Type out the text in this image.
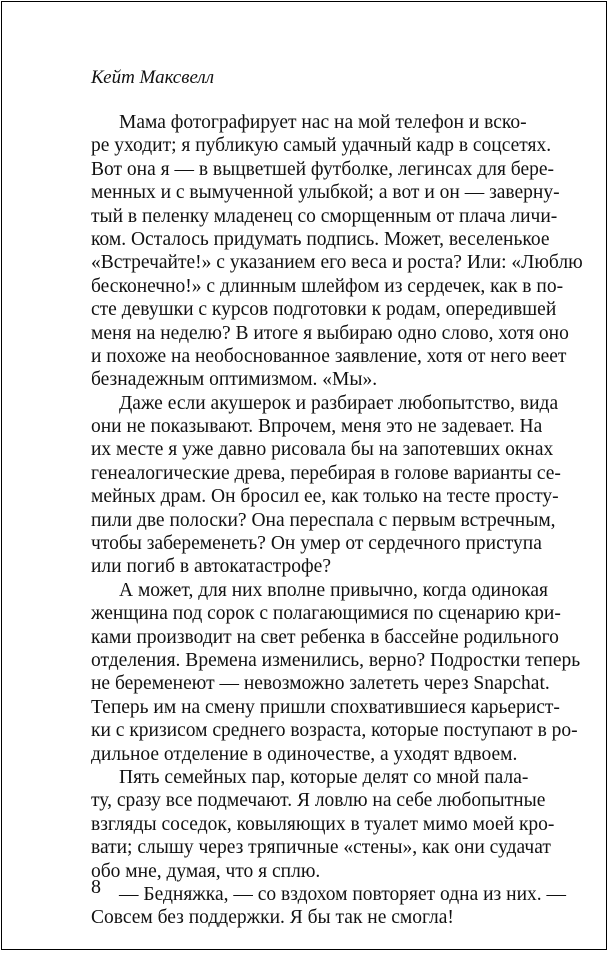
Кейт Максвелл
Мама фотографирует нас на мой телефон и вско-
ре уходит; я публикую самый удачный кадр в соцсетях.
Вот она я — в выцветшей футболке, легинсах для бере-
менных и с вымученной улыбкой; а вот и он — завернy-
тый в пеленку младенец со сморщенным от плача личи-
ком. Осталось придумать подпись. Может, веселенькое
«Встречайте!» с указанием его веса и роста? Или: «Люблю
бесконечно!» с длинным шлейфом из сердечек, как в по-
сте девушки с курсов подготовки к родам, опередившей
меня на неделю? В итоге я выбираю одно слово, хотя оно
и похоже на необоснованное заявление, хотя от него веет
безнадежным оптимизмом. «Мы».
Даже если акушерок и разбирает любопытство, вида
они не показывают. Впрочем, меня это не задевает. На
их месте я уже давно рисовала бы на запотевших окнах
генеалогические древа, перебирая в голове варианты се-
мейных драм. Он бросил ее, как только на тесте просту-
пили две полоски? Она переспала с первым встречным,
чтобы забеременеть? Он умер от сердечного приступа
или погиб в автокатастрофе?
А может, для них вполне привычно, когда одинокая
женщина под сорок с полагающимися по сценарию кри-
ками производит на свет ребенка в бассейне родильного
отделения. Времена изменились, верно? Подростки теперь
не беременеют — невозможно залететь через Snapchat.
Теперь им на смену пришли спохватившиеся карьерист-
ки с кризисом среднего возраста, которые поступают в ро-
дильное отделение в одиночестве, а уходят вдвоем.
Пять семейных пар, которые делят со мной пала-
ту, сразу все подмечают. Я ловлю на себе любопытные
взгляды соседок, ковыляющих в туалет мимо моей кро-
вати; слышу через тряпичные «стены», как они судачат
обо мне, думая, что я сплю.
— Бедняжка, — со вздохом повторяет одна из них. —
Совсем без поддержки. Я бы так не смогла!
8
